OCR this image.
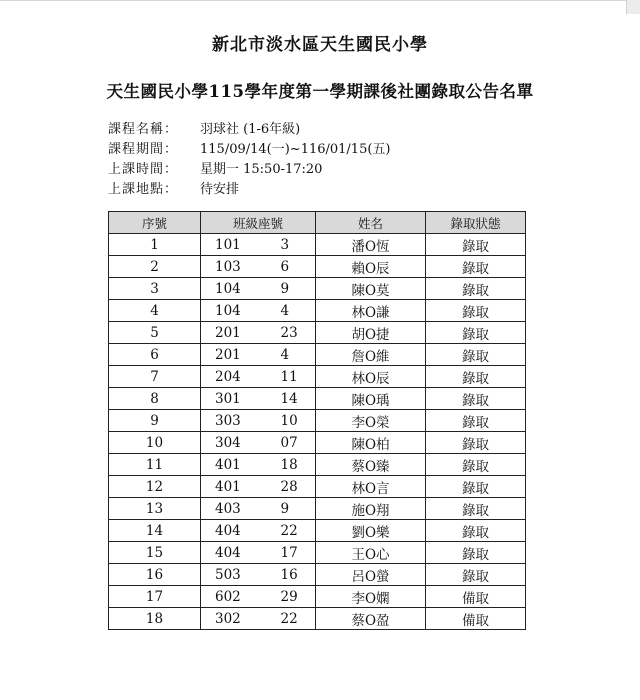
新北市淡水區天生國民小學
天生國民小學115學年度第一學期課後社團錄取公告名單
課程名稱：	羽球社 (1-6年級)
課程期間：	115/09/14(一)~116/01/15(五)
上課時間：	星期一 15:50-17:20
上課地點：	待安排
序號	班級座號		姓名	錄取狀態
1	101	3	潘O恆	錄取
2	103	6	賴O辰	錄取
3	104	9	陳O莫	錄取
4	104	4	林O謙	錄取
5	201	23	胡O捷	錄取
6	201	4	詹O維	錄取
7	204	11	林O辰	錄取
8	301	14	陳O瑀	錄取
9	303	10	李O榮	錄取
10	304	07	陳O柏	錄取
11	401	18	蔡O臻	錄取
12	401	28	林O言	錄取
13	403	9	施O翔	錄取
14	404	22	劉O樂	錄取
15	404	17	王O心	錄取
16	503	16	呂O螢	錄取
17	602	29	李O嫻	備取
18	302	22	蔡O盈	備取
